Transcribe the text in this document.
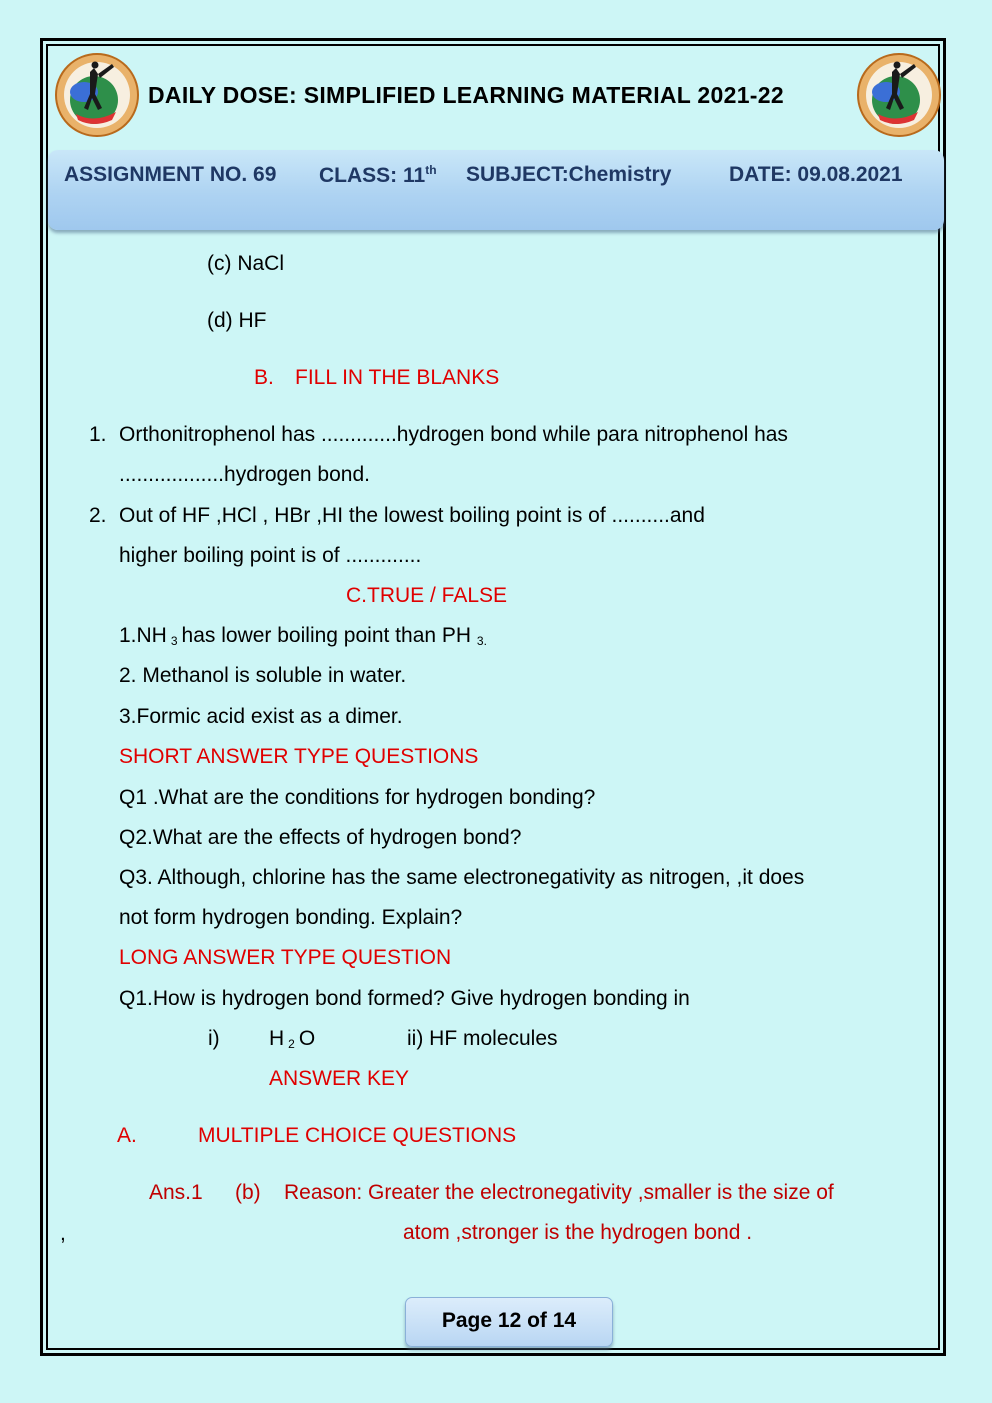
DAILY DOSE: SIMPLIFIED LEARNING MATERIAL 2021-22
ASSIGNMENT NO. 69 CLASS: 11th SUBJECT:Chemistry	DATE: 09.08.2021
(c) NaCl
(d) HF
B. FILL IN THE BLANKS
1. Orthonitrophenol has .............hydrogen bond while para nitrophenol has
..................hydrogen bond.
2. Out of HF ,HCl , HBr ,HI the lowest boiling point is of ..........and
higher boiling point is of .............
C.TRUE / FALSE
1.NH $_3$ has lower boiling point than PH $_{3.}$
2. Methanol is soluble in water.
3.Formic acid exist as a dimer.
SHORT ANSWER TYPE QUESTIONS
Q1 .What are the conditions for hydrogen bonding?
Q2.What are the effects of hydrogen bond?
Q3. Although, chlorine has the same electronegativity as nitrogen, ,it does
not form hydrogen bonding. Explain?
LONG ANSWER TYPE QUESTION
Q1.How is hydrogen bond formed? Give hydrogen bonding in
i) H $_2$ O	ii) HF molecules
ANSWER KEY
A.	MULTIPLE CHOICE QUESTIONS
Ans.1 (b) Reason: Greater the electronegativity ,smaller is the size of
,	atom ,stronger is the hydrogen bond .
Page 12 of 14
